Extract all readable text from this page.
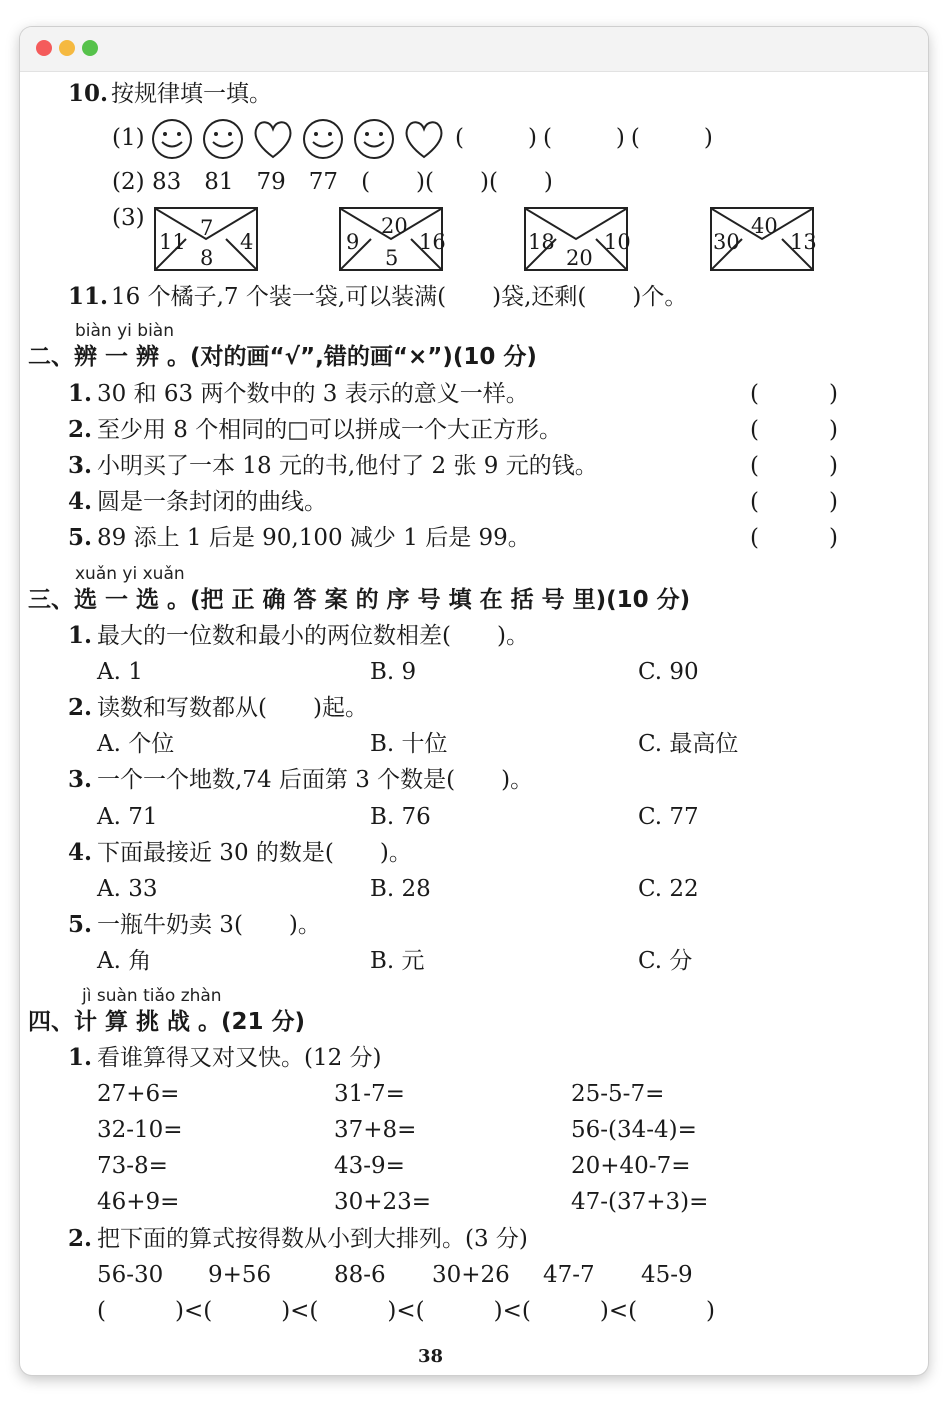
10. 按规律填一填。
(1)	(　　)(　　)(　　)
(2) 83　81　79　77　(　　)(　　)(　　)
(3)	7
11	4
8
20
9	16
5
18 10
20
40
30 13
11. 16 个橘子,7 个装一袋,可以装满(　　)袋,还剩(　　)个。
biàn yi biàn
二、辨 一 辨 。(对的画“√”,错的画“×”)(10 分)
1. 30 和 63 两个数中的 3 表示的意义一样。	(　　)
2. 至少用 8 个相同的□可以拼成一个大正方形。	(　　)
3. 小明买了一本 18 元的书,他付了 2 张 9 元的钱。	(　　)
4. 圆是一条封闭的曲线。	(　　)
5. 89 添上 1 后是 90,100 减少 1 后是 99。	(　　)
xuǎn yi xuǎn
三、选 一 选 。(把 正 确 答 案 的 序 号 填 在 括 号 里)(10 分)
1. 最大的一位数和最小的两位数相差(　　)。
A. 1	B. 9	C. 90
2. 读数和写数都从(　　)起。
A. 个位	B. 十位	C. 最高位
3. 一个一个地数,74 后面第 3 个数是(　　)。
A. 71	B. 76	C. 77
4. 下面最接近 30 的数是(　　)。
A. 33	B. 28	C. 22
5. 一瓶牛奶卖 3(　　)。
A. 角	B. 元	C. 分
jì suàn tiǎo zhàn
四、计 算 挑 战 。(21 分)
1. 看谁算得又对又快。(12 分)
27+6=	31-7=	25-5-7=
32-10=	37+8=	56-(34-4)=
73-8=	43-9=	20+40-7=
46+9=	30+23=	47-(37+3)=
2. 把下面的算式按得数从小到大排列。(3 分)
56-30 9+56	88-6 30+26 47-7 45-9
(　　　)<(　　　)<(　　　)<(　　　)<(　　　)<(　　　)
38
